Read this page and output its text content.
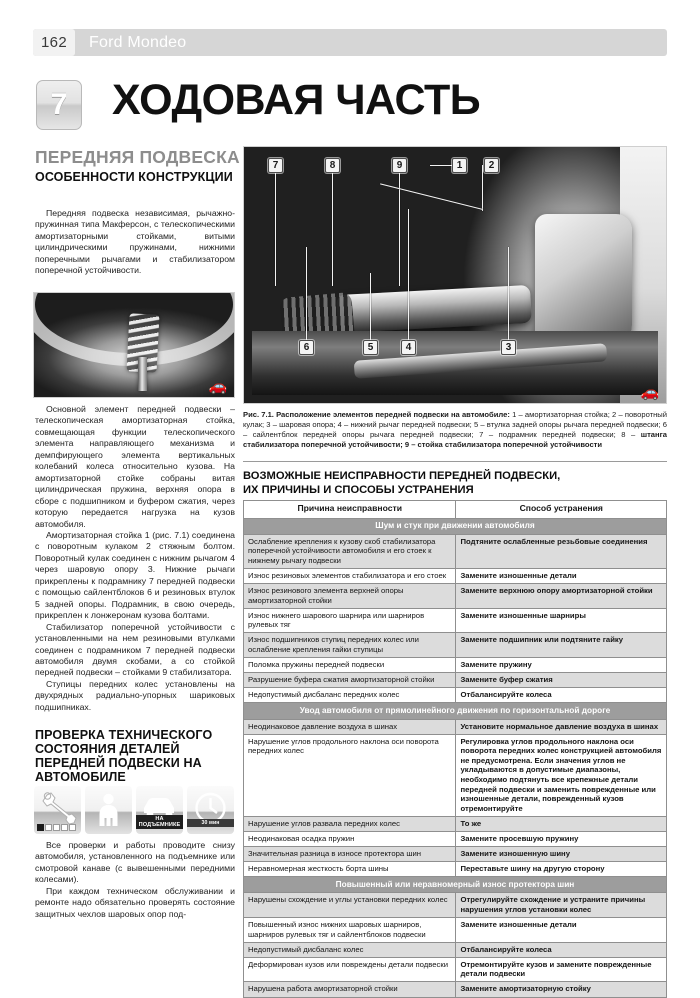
162	Ford Mondeo
7 ХОДОВАЯ ЧАСТЬ
ПЕРЕДНЯЯ ПОДВЕСКА
ОСОБЕННОСТИ КОНСТРУКЦИИ

Передняя подвеска независимая, рычажно-пружинная типа Макферсон, с телескопическими амортизаторными стойками, витыми цилиндрическими пружинами, нижними поперечными рычагами и стабилизатором поперечной устойчивости.

🚗

Основной элемент передней подвески – телескопическая амортизаторная стойка, совмещающая функции телескопического элемента направляющего механизма и демпфирующего элемента вертикальных колебаний колеса относительно кузова. На амортизаторной стойке собраны витая цилиндрическая пружина, верхняя опора в сборе с подшипником и буфером сжатия, через которую передается нагрузка на кузов автомобиля.

Амортизаторная стойка 1 (рис. 7.1) соединена с поворотным кулаком 2 стяжным болтом. Поворотный кулак соединен с нижним рычагом 4 через шаровую опору 3. Нижние рычаги прикреплены к подрамнику 7 передней подвески с помощью сайлентблоков 6 и резиновых втулок 5 задней опоры. Подрамник, в свою очередь, прикреплен к лонжеронам кузова болтами.

Стабилизатор поперечной устойчивости с установленными на нем резиновыми втулками соединен с подрамником 7 передней подвески автомобиля двумя скобами, а со стойкой передней подвески – стойками 9 стабилизатора.

Ступицы передних колес установлены на двухрядных радиально-упорных шариковых подшипниках.

ПРОВЕРКА ТЕХНИЧЕСКОГО СОСТОЯНИЯ ДЕТАЛЕЙ ПЕРЕДНЕЙ ПОДВЕСКИ НА АВТОМОБИЛЕ
НА ПОДЪЕМНИКЕ	30 мин

Все проверки и работы проводите снизу автомобиля, установленного на подъемнике или смотровой канаве (с вывешенными передними колесами).

При каждом техническом обслуживании и ремонте надо обязательно проверять состояние защитных чехлов шаровых опор под-

7	8	9	1	2
6	5	4	3
🚗
Рис. 7.1. Расположение элементов передней подвески на автомобиле: 1 – амортизаторная стойка; 2 – поворотный кулак; 3 – шаровая опора; 4 – нижний рычаг передней подвески; 5 – втулка задней опоры рычага передней подвески; 6 – сайлентблок передней опоры рычага передней подвески; 7 – подрамник передней подвески; 8 – штанга стабилизатора поперечной устойчивости; 9 – стойка стабилизатора поперечной устойчивости
ВОЗМОЖНЫЕ НЕИСПРАВНОСТИ ПЕРЕДНЕЙ ПОДВЕСКИ,
ИХ ПРИЧИНЫ И СПОСОБЫ УСТРАНЕНИЯ
Причина неисправности	Способ устранения
Шум и стук при движении автомобиля	
Ослабление крепления к кузову скоб стабилизатора поперечной устойчивости автомобиля и его стоек к нижнему рычагу подвески	Подтяните ослабленные резьбовые соединения
Износ резиновых элементов стабилизатора и его стоек	Замените изношенные детали
Износ резинового элемента верхней опоры амортизаторной стойки	Замените верхнюю опору амортизаторной стойки
Износ нижнего шарового шарнира или шарниров рулевых тяг	Замените изношенные шарниры
Износ подшипников ступиц передних колес или ослабление крепления гайки ступицы	Замените подшипник или подтяните гайку
Поломка пружины передней подвески	Замените пружину
Разрушение буфера сжатия амортизаторной стойки	Замените буфер сжатия
Недопустимый дисбаланс передних колес	Отбалансируйте колеса
Увод автомобиля от прямолинейного движения по горизонтальной дороге	
Неодинаковое давление воздуха в шинах	Установите нормальное давление воздуха в шинах
Нарушение углов продольного наклона оси поворота передних колес	Регулировка углов продольного наклона оси поворота передних колес конструкцией автомобиля не предусмотрена. Если значения углов не укладываются в допустимые диапазоны, необходимо подтянуть все крепежные детали передней подвески и заменить поврежденные или изношенные детали, поврежденный кузов отремонтируйте
Нарушение углов развала передних колес	То же
Неодинаковая осадка пружин	Замените просевшую пружину
Значительная разница в износе протектора шин	Замените изношенную шину
Неравномерная жесткость борта шины	Переставьте шину на другую сторону
Повышенный или неравномерный износ протектора шин	
Нарушены схождение и углы установки передних колес	Отрегулируйте схождение и устраните причины нарушения углов установки колес
Повышенный износ нижних шаровых шарниров, шарниров рулевых тяг и сайлентблоков подвески	Замените изношенные детали
Недопустимый дисбаланс колес	Отбалансируйте колеса
Деформирован кузов или повреждены детали подвески	Отремонтируйте кузов и замените поврежденные детали подвески
Нарушена работа амортизаторной стойки	Замените амортизаторную стойку
